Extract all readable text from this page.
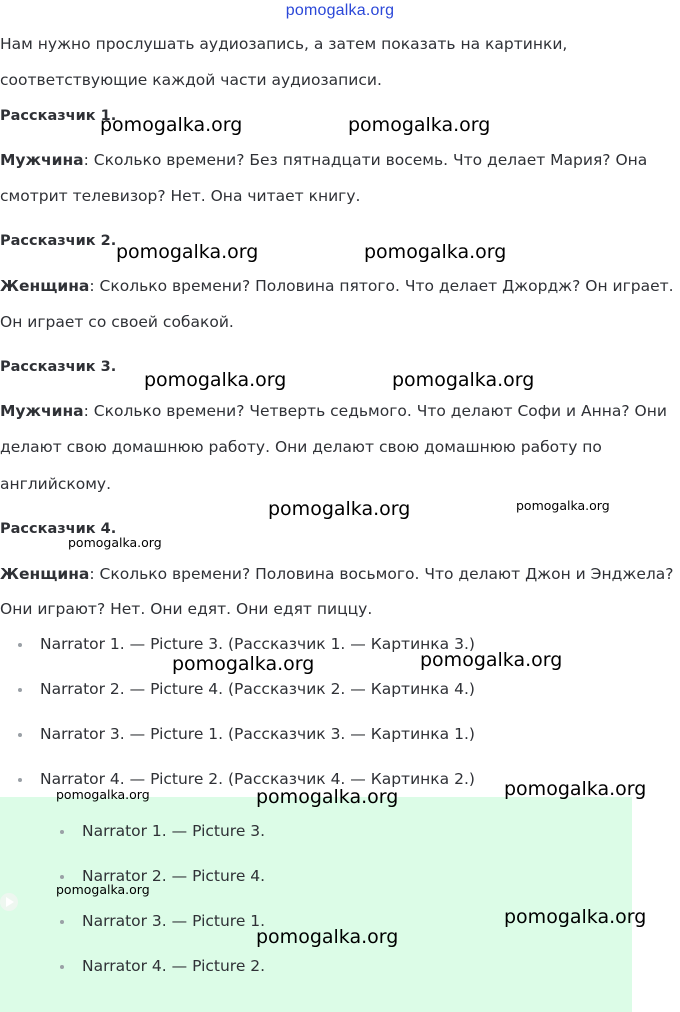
pomogalka.org
Нам нужно прослушать аудиозапись, а затем показать на картинки,
соответствующие каждой части аудиозаписи.
Рассказчик 1.
Мужчина: Сколько времени? Без пятнадцати восемь. Что делает Мария? Она
смотрит телевизор? Нет. Она читает книгу.
Рассказчик 2.
Женщина: Сколько времени? Половина пятого. Что делает Джордж? Он играет.
Он играет со своей собакой.
Рассказчик 3.
Мужчина: Сколько времени? Четверть седьмого. Что делают Софи и Анна? Они
делают свою домашнюю работу. Они делают свою домашнюю работу по
английскому.
Рассказчик 4.
Женщина: Сколько времени? Половина восьмого. Что делают Джон и Энджела?
Они играют? Нет. Они едят. Они едят пиццу.
Narrator 1. — Picture 3. (Рассказчик 1. — Картинка 3.)
Narrator 2. — Picture 4. (Рассказчик 2. — Картинка 4.)
Narrator 3. — Picture 1. (Рассказчик 3. — Картинка 1.)
Narrator 4. — Picture 2. (Рассказчик 4. — Картинка 2.)
Narrator 1. — Picture 3.
Narrator 2. — Picture 4.
Narrator 3. — Picture 1.
Narrator 4. — Picture 2.
pomogalka.org	pomogalka.org
pomogalka.org	pomogalka.org
pomogalka.org	pomogalka.org
pomogalka.org	pomogalka.org
pomogalka.org
pomogalka.org	pomogalka.org
pomogalka.org	pomogalka.org	pomogalka.org
pomogalka.org
pomogalka.org
pomogalka.org
